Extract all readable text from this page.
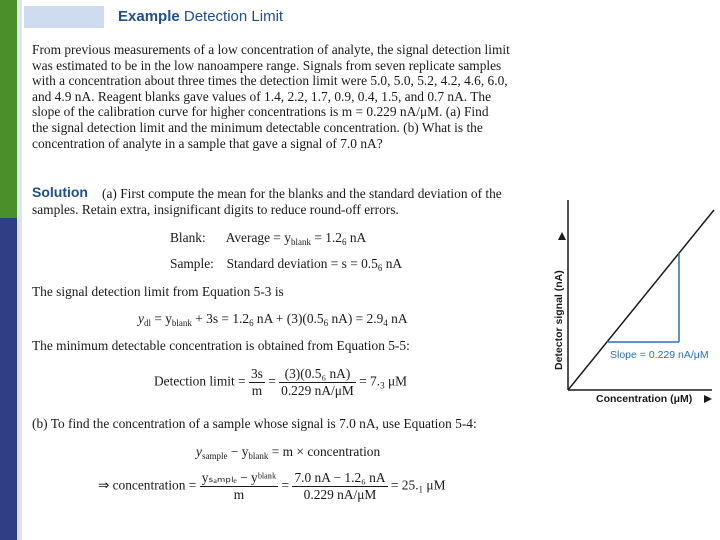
Example Detection Limit
From previous measurements of a low concentration of analyte, the signal detection limit
was estimated to be in the low nanoampere range. Signals from seven replicate samples
with a concentration about three times the detection limit were 5.0, 5.0, 5.2, 4.2, 4.6, 6.0,
and 4.9 nA. Reagent blanks gave values of 1.4, 2.2, 1.7, 0.9, 0.4, 1.5, and 0.7 nA. The
slope of the calibration curve for higher concentrations is m = 0.229 nA/μM. (a) Find
the signal detection limit and the minimum detectable concentration. (b) What is the
concentration of analyte in a sample that gave a signal of 7.0 nA?
Solution (a) First compute the mean for the blanks and the standard deviation of the
samples. Retain extra, insignificant digits to reduce round-off errors.
Blank: Average = $y_{blank} = 1.2_6$ nA
Sample: Standard deviation = $s = 0.5_6$ nA
The signal detection limit from Equation 5-3 is
$y_{dl} = y_{blank} + 3s = 1.2_6$ nA + $(3)(0.5_6$ $nA) = 2.9_4$ nA
The minimum detectable concentration is obtained from Equation 5-5:
Detection limit = $\frac{3s}{m} = \frac{\text{(3)(0.5₆ nA)}}{0.229 nA/\mu M} = 7._3$ μM
(b) To find the concentration of a sample whose signal is 7.0 nA, use Equation 5-4:
$y_{sample} - y_{blank} = m$ × concentration
⇒ concentration = $\frac{\text{yₛₐₘₚₗₑ − yᵇˡᵃⁿᵏ}}{m} = \frac{\text{7.0 nA − 1.2₆ nA}}{0.229 nA/\mu M} = 25._1$ μM
Detector signal (nA)	Slope = 0.229 nA/μM
Concentration (μM)
